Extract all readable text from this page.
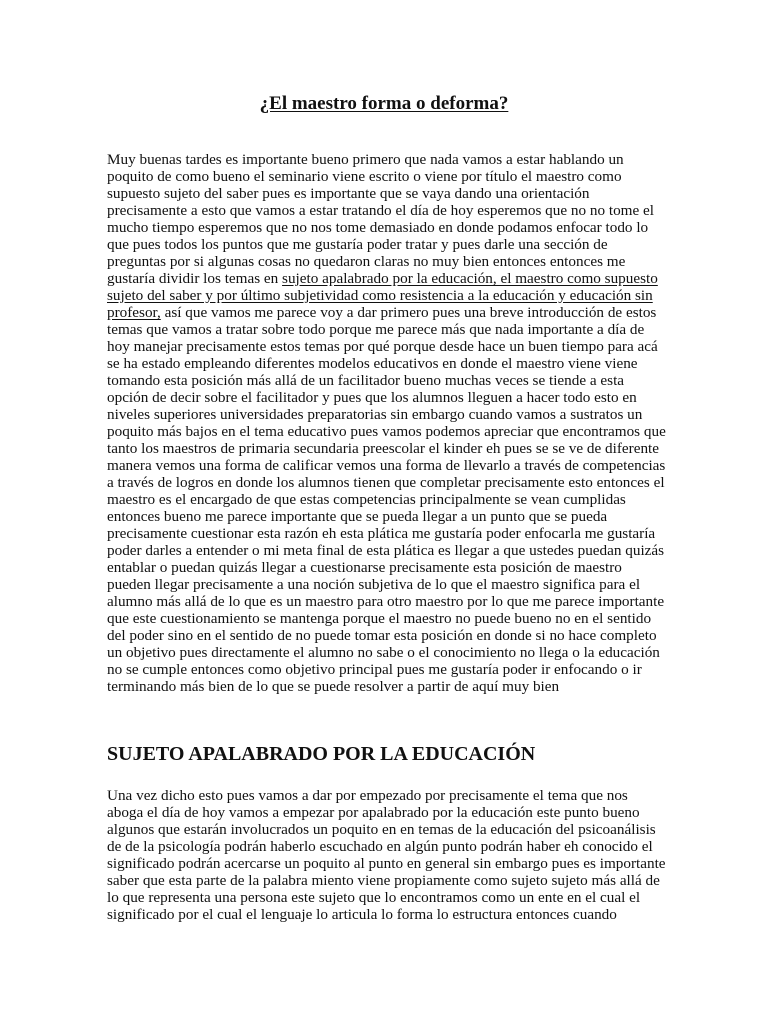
¿El maestro forma o deforma?
Muy buenas tardes es importante bueno primero que nada vamos a estar hablando un
poquito de como bueno el seminario viene escrito o viene por título el maestro como
supuesto sujeto del saber pues es importante que se vaya dando una orientación
precisamente a esto que vamos a estar tratando el día de hoy esperemos que no no tome el
mucho tiempo esperemos que no nos tome demasiado en donde podamos enfocar todo lo
que pues todos los puntos que me gustaría poder tratar y pues darle una sección de
preguntas por si algunas cosas no quedaron claras no muy bien entonces entonces me
gustaría dividir los temas en sujeto apalabrado por la educación, el maestro como supuesto
sujeto del saber y por último subjetividad como resistencia a la educación y educación sin
profesor, así que vamos me parece voy a dar primero pues una breve introducción de estos
temas que vamos a tratar sobre todo porque me parece más que nada importante a día de
hoy manejar precisamente estos temas por qué porque desde hace un buen tiempo para acá
se ha estado empleando diferentes modelos educativos en donde el maestro viene viene
tomando esta posición más allá de un facilitador bueno muchas veces se tiende a esta
opción de decir sobre el facilitador y pues que los alumnos lleguen a hacer todo esto en
niveles superiores universidades preparatorias sin embargo cuando vamos a sustratos un
poquito más bajos en el tema educativo pues vamos podemos apreciar que encontramos que
tanto los maestros de primaria secundaria preescolar el kinder eh pues se se ve de diferente
manera vemos una forma de calificar vemos una forma de llevarlo a través de competencias
a través de logros en donde los alumnos tienen que completar precisamente esto entonces el
maestro es el encargado de que estas competencias principalmente se vean cumplidas
entonces bueno me parece importante que se pueda llegar a un punto que se pueda
precisamente cuestionar esta razón eh esta plática me gustaría poder enfocarla me gustaría
poder darles a entender o mi meta final de esta plática es llegar a que ustedes puedan quizás
entablar o puedan quizás llegar a cuestionarse precisamente esta posición de maestro
pueden llegar precisamente a una noción subjetiva de lo que el maestro significa para el
alumno más allá de lo que es un maestro para otro maestro por lo que me parece importante
que este cuestionamiento se mantenga porque el maestro no puede bueno no en el sentido
del poder sino en el sentido de no puede tomar esta posición en donde si no hace completo
un objetivo pues directamente el alumno no sabe o el conocimiento no llega o la educación
no se cumple entonces como objetivo principal pues me gustaría poder ir enfocando o ir
terminando más bien de lo que se puede resolver a partir de aquí muy bien
SUJETO APALABRADO POR LA EDUCACIÓN
Una vez dicho esto pues vamos a dar por empezado por precisamente el tema que nos
aboga el día de hoy vamos a empezar por apalabrado por la educación este punto bueno
algunos que estarán involucrados un poquito en en temas de la educación del psicoanálisis
de de la psicología podrán haberlo escuchado en algún punto podrán haber eh conocido el
significado podrán acercarse un poquito al punto en general sin embargo pues es importante
saber que esta parte de la palabra miento viene propiamente como sujeto sujeto más allá de
lo que representa una persona este sujeto que lo encontramos como un ente en el cual el
significado por el cual el lenguaje lo articula lo forma lo estructura entonces cuando
